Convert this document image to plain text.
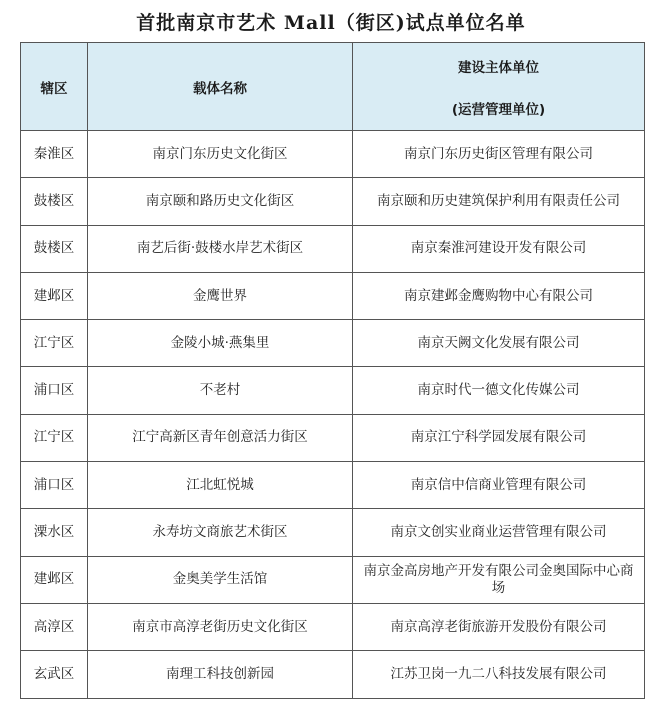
首批南京市艺术 Mall（街区)试点单位名单
辖区	载体名称	建设主体单位
(运营管理单位)

秦淮区	南京门东历史文化街区	南京门东历史街区管理有限公司
鼓楼区	南京颐和路历史文化街区	南京颐和历史建筑保护利用有限责任公司
鼓楼区	南艺后街·鼓楼水岸艺术街区	南京秦淮河建设开发有限公司
建邺区	金鹰世界	南京建邺金鹰购物中心有限公司
江宁区	金陵小城·燕集里	南京天阙文化发展有限公司
浦口区	不老村	南京时代一德文化传媒公司
江宁区	江宁高新区青年创意活力街区	南京江宁科学园发展有限公司
浦口区	江北虹悦城	南京信中信商业管理有限公司
溧水区	永寿坊文商旅艺术街区	南京文创实业商业运营管理有限公司
建邺区	金奥美学生活馆	南京金高房地产开发有限公司金奥国际中心商场
高淳区	南京市高淳老街历史文化街区	南京高淳老街旅游开发股份有限公司
玄武区	南理工科技创新园	江苏卫岗一九二八科技发展有限公司
